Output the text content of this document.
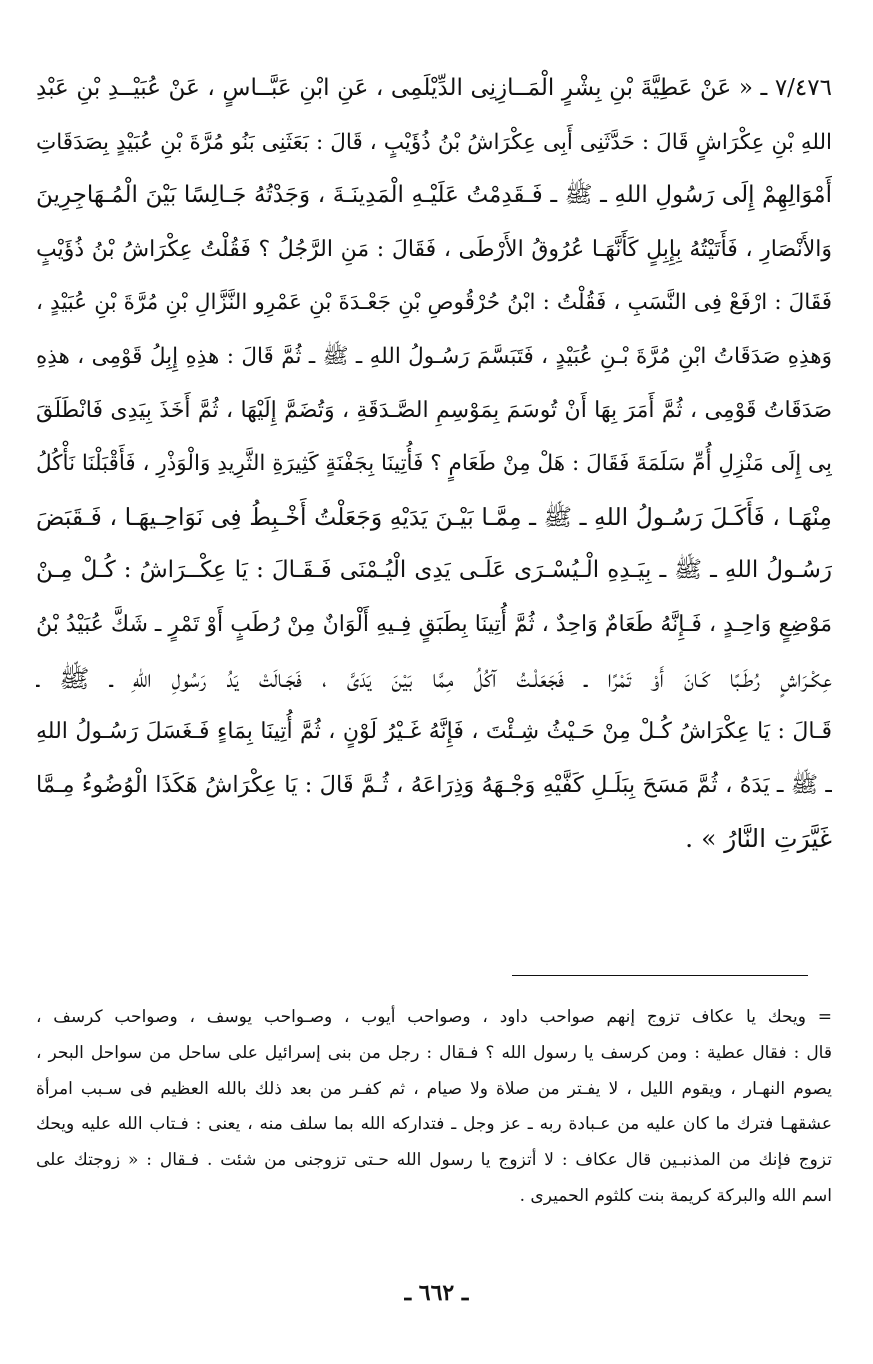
٧/٤٧٦ ـ « عَنْ عَطِيَّةَ بْنِ بِشْرٍ الْمَــازِنِى الدِّيْلَمِى ، عَنِ ابْنِ عَبَّــاسٍ ، عَنْ عُبَيْــدِ بْنِ عَبْدِ
اللهِ بْنِ عِكْرَاشٍ قَالَ : حَدَّثَنِى أَبِى عِكْرَاشُ بْنُ ذُؤَيْبٍ ، قَالَ : بَعَثَنِى بَنُو مُرَّةَ بْنِ عُبَيْدٍ بِصَدَقَاتِ
أَمْوَالِهِمْ إِلَى رَسُولِ اللهِ ـ ﷺ ـ فَـقَدِمْتُ عَلَيْـهِ الْمَدِينَـةَ ، وَجَدْتُهُ جَـالِسًا بَيْنَ الْمُـهَاجِرِينَ
وَالأَنْصَارِ ، فَأَتَيْتُهُ بِإِبِلٍ كَأَنَّهَـا عُرُوقُ الأَرْطَى ، فَقَالَ : مَنِ الرَّجُلُ ؟ فَقُلْتُ عِكْرَاشُ بْنُ ذُؤَيْبٍ
فَقَالَ : ارْفَعْ فِى النَّسَبِ ، فَقُلْتُ : ابْنُ حُرْقُوصِ بْنِ جَعْـدَةَ بْنِ عَمْرِو النَّزَّالِ بْنِ مُرَّةَ بْنِ عُبَيْدٍ ،
وَهذِهِ صَدَقَاتُ ابْنِ مُرَّةَ بْـنِ عُبَيْدٍ ، فَتَبَسَّمَ رَسُـولُ اللهِ ـ ﷺ ـ ثُمَّ قَالَ : هذِهِ إِبِلُ قَوْمِى ، هذِهِ
صَدَقَاتُ قَوْمِى ، ثُمَّ أَمَرَ بِهَا أَنْ تُوسَمَ بِمَوْسِمِ الصَّـدَقَةِ ، وَتُضَمَّ إِلَيْهَا ، ثُمَّ أَخَذَ بِيَدِى فَانْطَلَقَ
بِى إِلَى مَنْزِلِ أُمِّ سَلَمَةَ فَقَالَ : هَلْ مِنْ طَعَامٍ ؟ فَأُتِينَا بِجَفْنَةٍ كَثِيرَةِ الثَّرِيدِ وَالْوَذْرِ ، فَأَقْبَلْنَا نَأْكُلُ
مِنْهَـا ، فَأَكَـلَ رَسُـولُ اللهِ ـ ﷺ ـ مِمَّـا بَيْـنَ يَدَيْهِ وَجَعَلْتُ أَخْـبِطُ فِى نَوَاحِـيهَـا ، فَـقَبَضَ
رَسُـولُ اللهِ ـ ﷺ ـ بِيَـدِهِ الْـيُسْـرَى عَلَـى يَدِى الْيُـمْنَى فَـقَـالَ : يَا عِكْــرَاشُ : كُـلْ مِـنْ
مَوْضِعٍ وَاحِـدٍ ، فَـإِنَّهُ طَعَامٌ وَاحِدٌ ، ثُمَّ أُتِينَا بِطَبَقٍ فِـيهِ أَلْوَانٌ مِنْ رُطَبٍ أَوْ تَمْرٍ ـ شَكَّ عُبَيْدُ بْنُ
عِكْـرَاشٍ رُطَـبًا كَـانَ أَوْ تَمْرًا ـ فَجَعَلْـتُ آكُلُ مِمَّا بَيْنَ يَدَىَّ ، فَجَـالَتْ يَدُ رَسُولِ اللهِ ـ ﷺ ـ
قَـالَ : يَا عِكْرَاشُ كُـلْ مِنْ حَـيْثُ شِـئْتَ ، فَإِنَّهُ غَـيْرُ لَوْنٍ ، ثُمَّ أُتِينَا بِمَاءٍ فَـغَسَلَ رَسُـولُ اللهِ
ـ ﷺ ـ يَدَهُ ، ثُمَّ مَسَحَ بِبَلَـلِ كَفَّيْهِ وَجْـهَهُ وَذِرَاعَهُ ، ثُـمَّ قَالَ : يَا عِكْرَاشُ هَكَذَا الْوُضُوءُ مِـمَّا
غَيَّرَتِ النَّارُ » .
= ويحك يا عكاف تزوج إنهم صواحب داود ، وصواحب أيوب ، وصـواحب يوسف ، وصواحب كرسف ،
قال : فقال عطية : ومن كرسف يا رسول الله ؟ فـقال : رجل من بنى إسرائيل على ساحل من سواحل البحر ،
يصوم النهـار ، ويقوم الليل ، لا يفـتر من صلاة ولا صيام ، ثم كفـر من بعد ذلك بالله العظيم فى سـبب امرأة
عشقهـا فترك ما كان عليه من عـبادة ربه ـ عز وجل ـ فتداركه الله بما سلف منه ، يعنى : فـتاب الله عليه ويحك
تزوج فإنك من المذنبـين قال عكاف : لا أتزوج يا رسول الله حـتى تزوجنى من شئت . فـقال : « زوجتك على
اسم الله والبركة كريمة بنت كلثوم الحميرى .
ـ ٦٦٢ ـ
